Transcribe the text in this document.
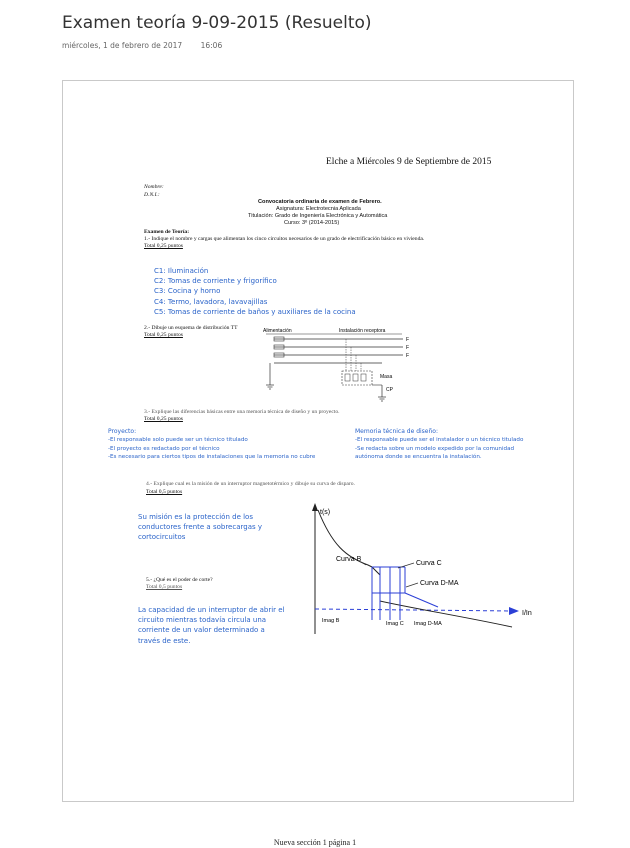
Examen teoría 9-09-2015 (Resuelto)
miércoles, 1 de febrero de 2017 16:06
Elche a Miércoles 9 de Septiembre de 2015
Nombre:
D.N.I.:
Convocatoria ordinaria de examen de Febrero.
Asignatura: Electrotecnia Aplicada
Titulación: Grado de Ingeniería Electrónica y Automática
Curso: 3º (2014-2015)
Examen de Teoría:
1.- Indique el nombre y cargas que alimentan los cinco circuitos necesarios de un grado de electrificación básico en vivienda.
Total 0,25 puntos
C1: Iluminación
C2: Tomas de corriente y frigorífico
C3: Cocina y horno
C4: Termo, lavadora, lavavajillas
C5: Tomas de corriente de baños y auxiliares de la cocina
2.- Dibuje un esquema de distribución TT
Total 0,25 puntos
Alimentación	Instalación receptora
F
F
F
Masa
CP
3.- Explique las diferencias básicas entre una memoria técnica de diseño y un proyecto.
Total 0,25 puntos
Proyecto:
-El responsable solo puede ser un técnico titulado
-El proyecto es redactado por el técnico
-Es necesario para ciertos tipos de instalaciones que la memoria no cubre
Memoria técnica de diseño:
-El responsable puede ser el instalador o un técnico titulado
-Se redacta sobre un modelo expedido por la comunidad
autónoma donde se encuentra la instalación.
4.- Explique cual es la misión de un interruptor magnetotérmico y dibuje su curva de disparo.
Total 0,5 puntos
Su misión es la protección de los conductores frente a sobrecargas y cortocircuitos
t(s)
I/In
Curva B
Curva C
Curva D-MA
Imag B	Imag C Imag D-MA
5.- ¿Qué es el poder de corte?
Total 0,5 puntos
La capacidad de un interruptor de abrir el circuito mientras todavía circula una corriente de un valor determinado a través de este.
Nueva sección 1 página 1
